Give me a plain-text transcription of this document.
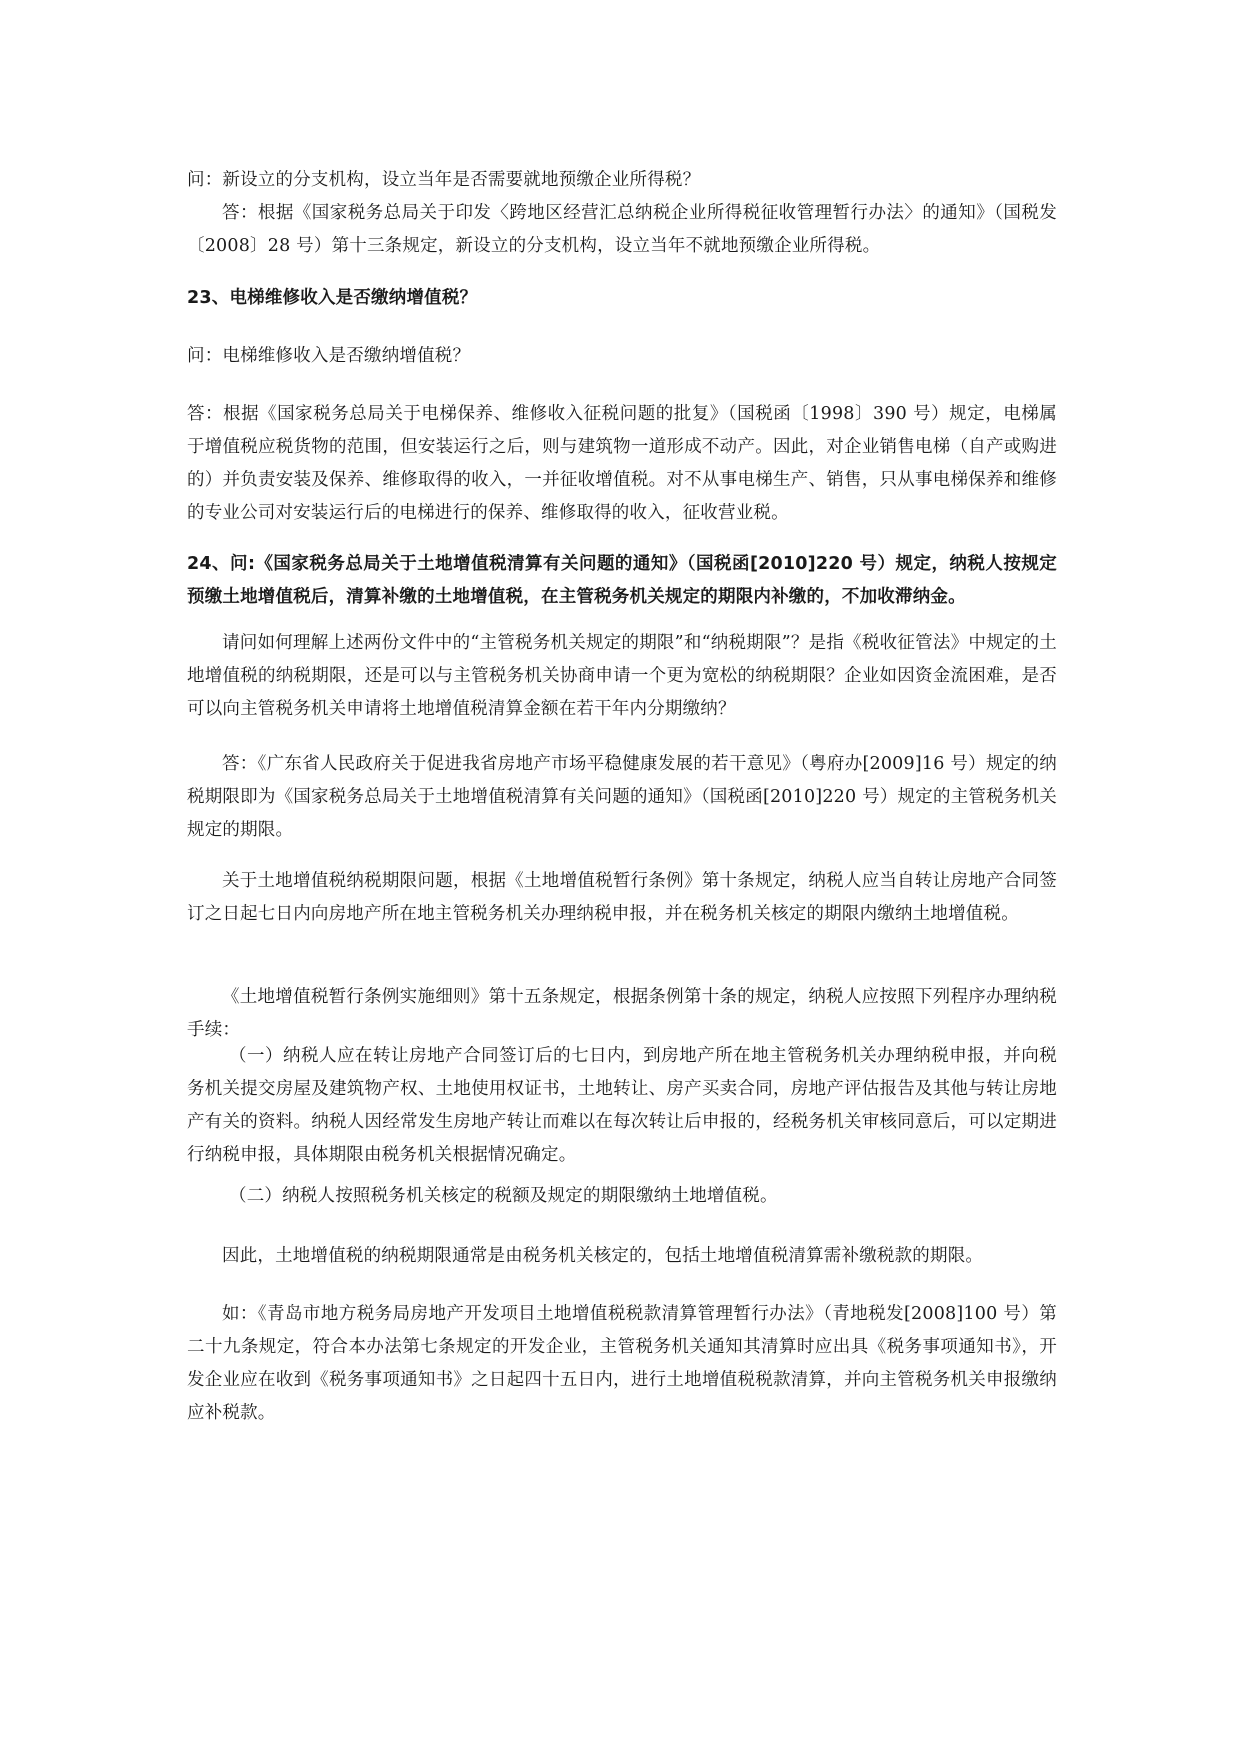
问：新设立的分支机构，设立当年是否需要就地预缴企业所得税？

答：根据《国家税务总局关于印发〈跨地区经营汇总纳税企业所得税征收管理暂行办法〉的通知》（国税发〔2008〕28 号）第十三条规定，新设立的分支机构，设立当年不就地预缴企业所得税。

23、电梯维修收入是否缴纳增值税？

问：电梯维修收入是否缴纳增值税？

答：根据《国家税务总局关于电梯保养、维修收入征税问题的批复》（国税函〔1998〕390 号）规定，电梯属于增值税应税货物的范围，但安装运行之后，则与建筑物一道形成不动产。因此，对企业销售电梯（自产或购进的）并负责安装及保养、维修取得的收入，一并征收增值税。对不从事电梯生产、销售，只从事电梯保养和维修的专业公司对安装运行后的电梯进行的保养、维修取得的收入，征收营业税。

24、问:《国家税务总局关于土地增值税清算有关问题的通知》（国税函[2010]220 号）规定，纳税人按规定预缴土地增值税后，清算补缴的土地增值税，在主管税务机关规定的期限内补缴的，不加收滞纳金。

请问如何理解上述两份文件中的“主管税务机关规定的期限”和“纳税期限”？是指《税收征管法》中规定的土地增值税的纳税期限，还是可以与主管税务机关协商申请一个更为宽松的纳税期限？企业如因资金流困难，是否可以向主管税务机关申请将土地增值税清算金额在若干年内分期缴纳？

答：《广东省人民政府关于促进我省房地产市场平稳健康发展的若干意见》（粤府办[2009]16 号）规定的纳税期限即为《国家税务总局关于土地增值税清算有关问题的通知》（国税函[2010]220 号）规定的主管税务机关规定的期限。

关于土地增值税纳税期限问题，根据《土地增值税暂行条例》第十条规定，纳税人应当自转让房地产合同签订之日起七日内向房地产所在地主管税务机关办理纳税申报，并在税务机关核定的期限内缴纳土地增值税。

《土地增值税暂行条例实施细则》第十五条规定，根据条例第十条的规定，纳税人应按照下列程序办理纳税手续：

（一）纳税人应在转让房地产合同签订后的七日内，到房地产所在地主管税务机关办理纳税申报，并向税务机关提交房屋及建筑物产权、土地使用权证书，土地转让、房产买卖合同，房地产评估报告及其他与转让房地产有关的资料。纳税人因经常发生房地产转让而难以在每次转让后申报的，经税务机关审核同意后，可以定期进行纳税申报，具体期限由税务机关根据情况确定。

（二）纳税人按照税务机关核定的税额及规定的期限缴纳土地增值税。

因此，土地增值税的纳税期限通常是由税务机关核定的，包括土地增值税清算需补缴税款的期限。

如：《青岛市地方税务局房地产开发项目土地增值税税款清算管理暂行办法》（青地税发[2008]100 号）第二十九条规定，符合本办法第七条规定的开发企业，主管税务机关通知其清算时应出具《税务事项通知书》，开发企业应在收到《税务事项通知书》之日起四十五日内，进行土地增值税税款清算，并向主管税务机关申报缴纳应补税款。
